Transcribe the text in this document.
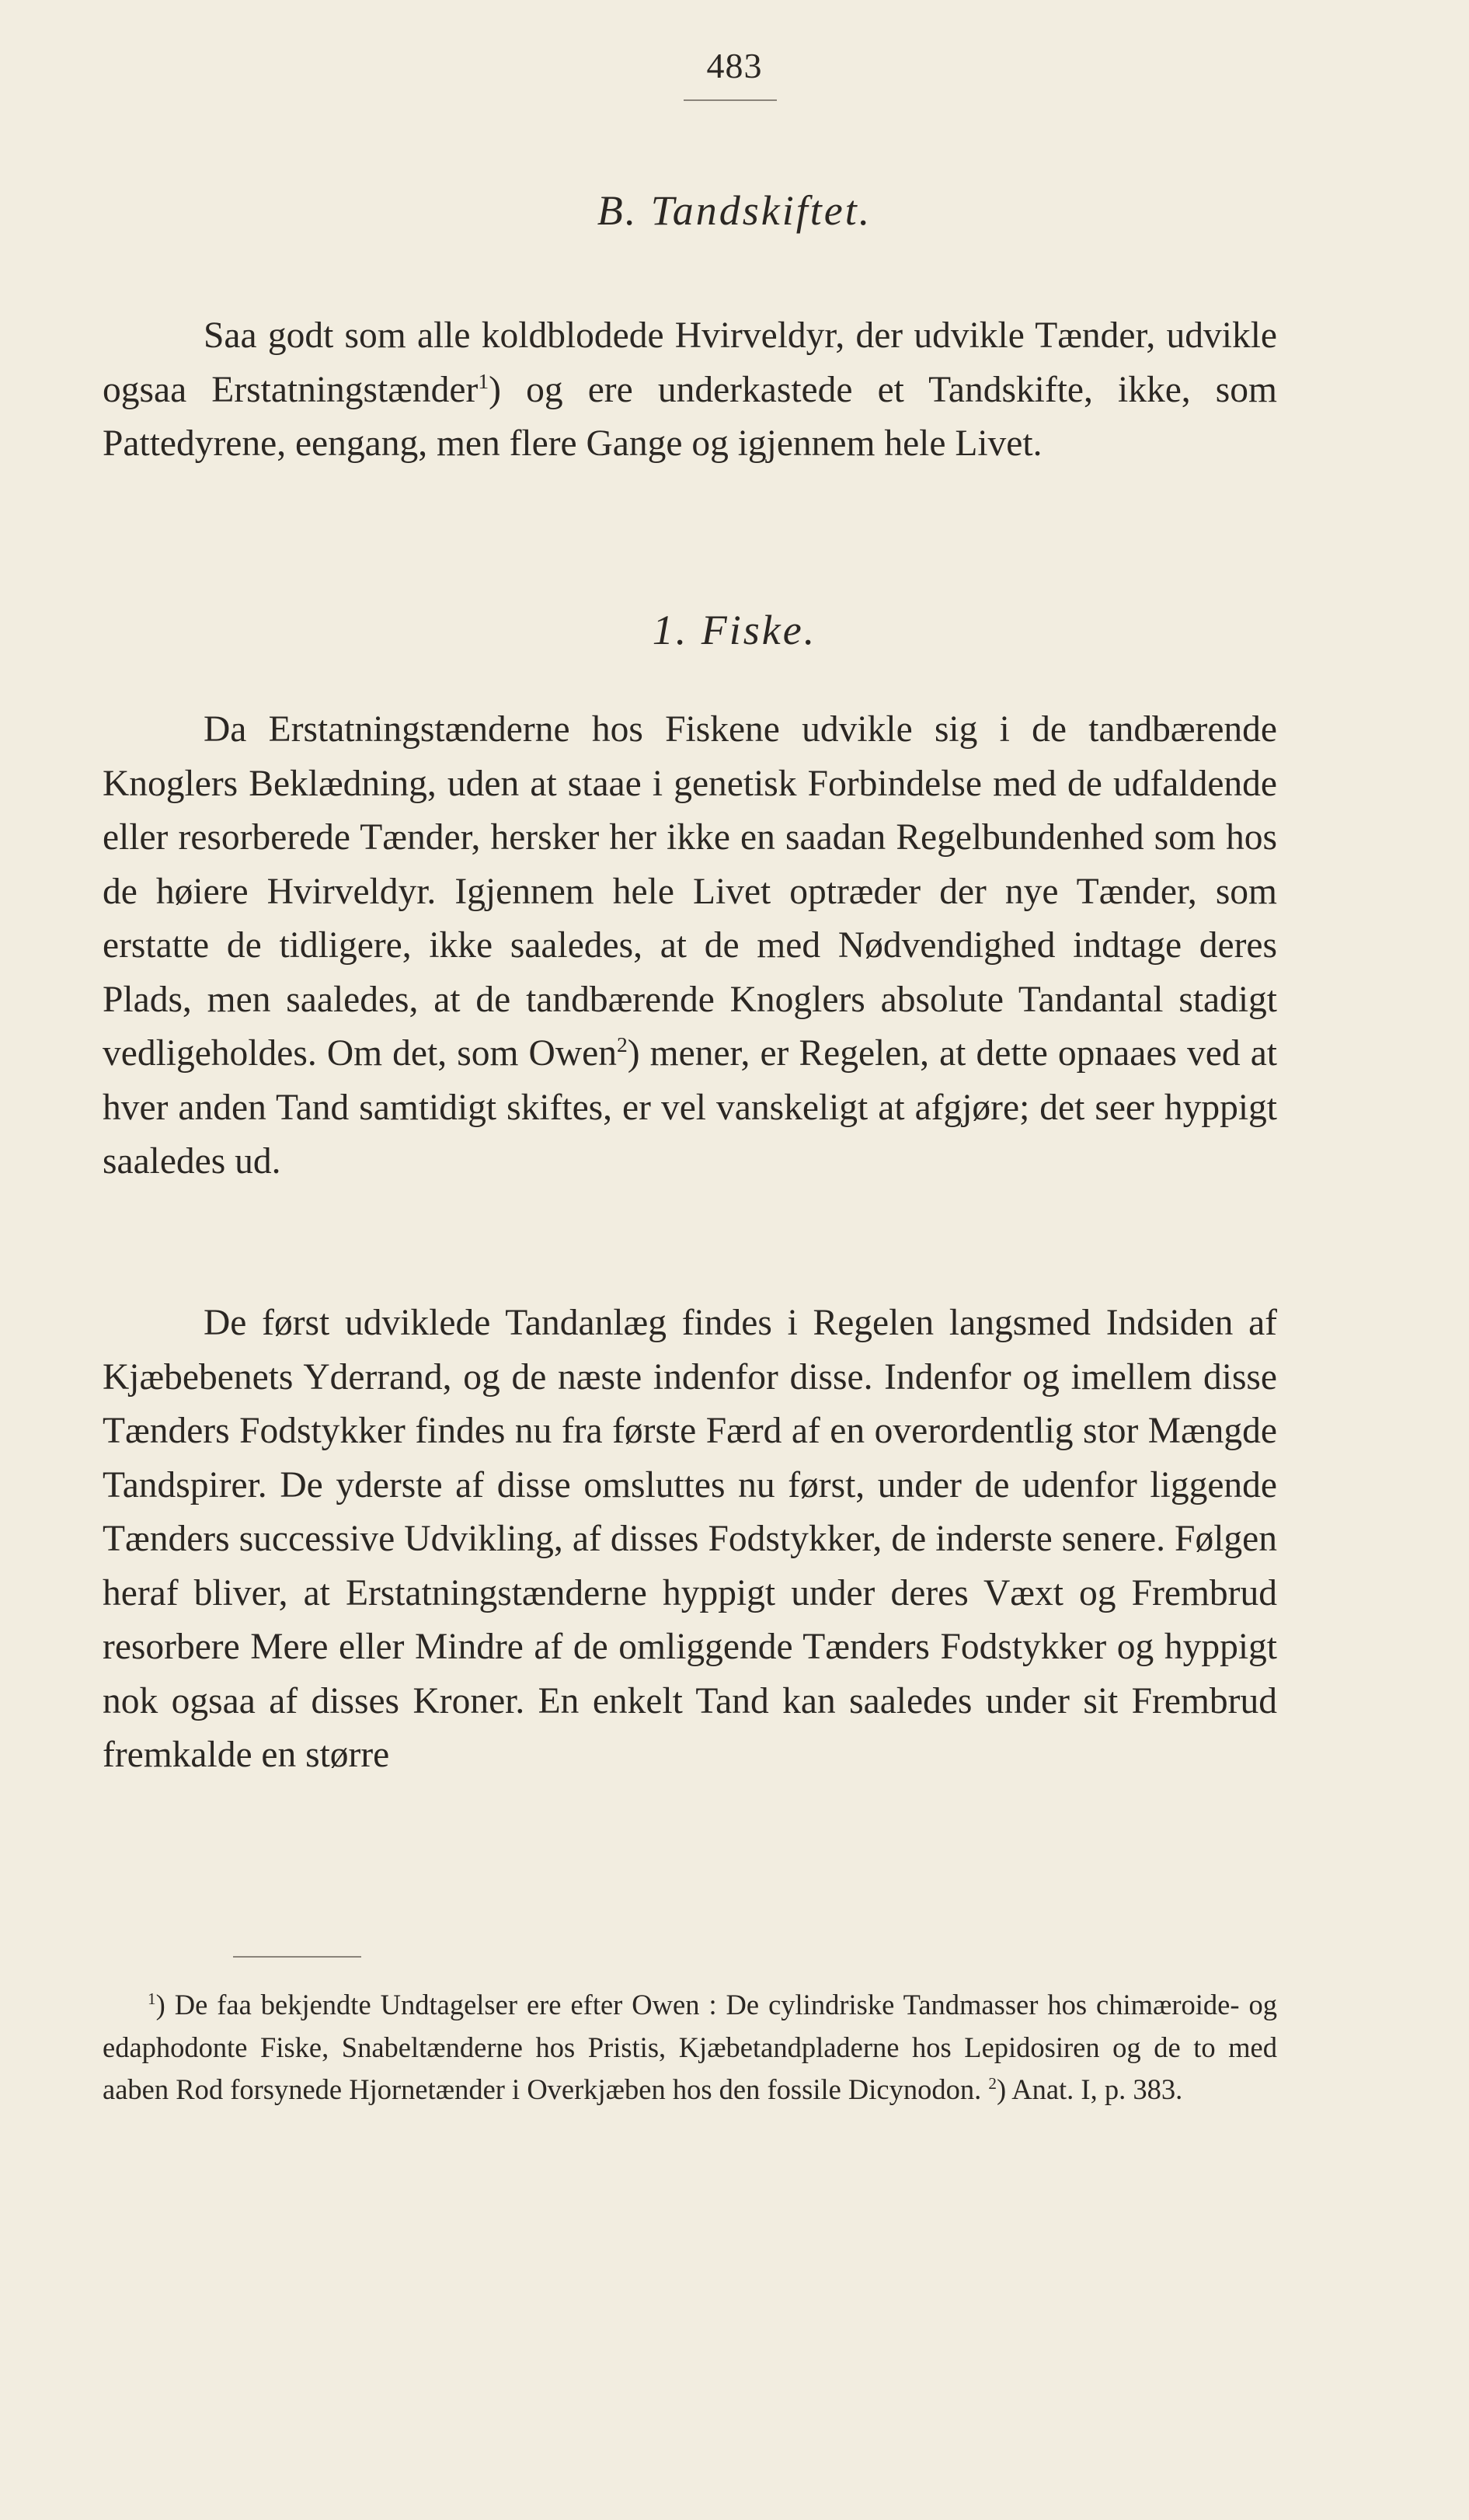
483
B. Tandskiftet.

Saa godt som alle koldblodede Hvirveldyr, der udvikle Tænder, udvikle ogsaa Erstatningstænder$^1$) og ere underkastede et Tandskifte, ikke, som Pattedyrene, eengang, men flere Gange og igjennem hele Livet.

1. Fiske.

Da Erstatningstænderne hos Fiskene udvikle sig i de tandbærende Knoglers Beklædning, uden at staae i genetisk Forbindelse med de udfaldende eller resorberede Tænder, hersker her ikke en saadan Regelbundenhed som hos de høiere Hvirveldyr. Igjennem hele Livet optræder der nye Tænder, som erstatte de tidligere, ikke saaledes, at de med Nødvendighed indtage deres Plads, men saaledes, at de tandbærende Knoglers absolute Tandantal stadigt vedligeholdes. Om det, som Owen$^2$) mener, er Regelen, at dette opnaaes ved at hver anden Tand samtidigt skiftes, er vel vanskeligt at afgjøre; det seer hyppigt saaledes ud.

De først udviklede Tandanlæg findes i Regelen langsmed Indsiden af Kjæbebenets Yderrand, og de næste indenfor disse. Indenfor og imellem disse Tænders Fodstykker findes nu fra første Færd af en overordentlig stor Mængde Tandspirer. De yderste af disse omsluttes nu først, under de udenfor liggende Tænders successive Udvikling, af disses Fodstykker, de inderste senere. Følgen heraf bliver, at Erstatningstænderne hyppigt under deres Væxt og Frembrud resorbere Mere eller Mindre af de omliggende Tænders Fodstykker og hyppigt nok ogsaa af disses Kroner. En enkelt Tand kan saaledes under sit Frembrud fremkalde en større

$^1$) De faa bekjendte Undtagelser ere efter Owen : De cylindriske Tandmasser hos chimæroide- og edaphodonte Fiske, Snabeltænderne hos Pristis, Kjæbetandpladerne hos Lepidosiren og de to med aaben Rod forsynede Hjornetænder i Overkjæben hos den fossile Dicynodon. $^2$) Anat. I, p. 383.
